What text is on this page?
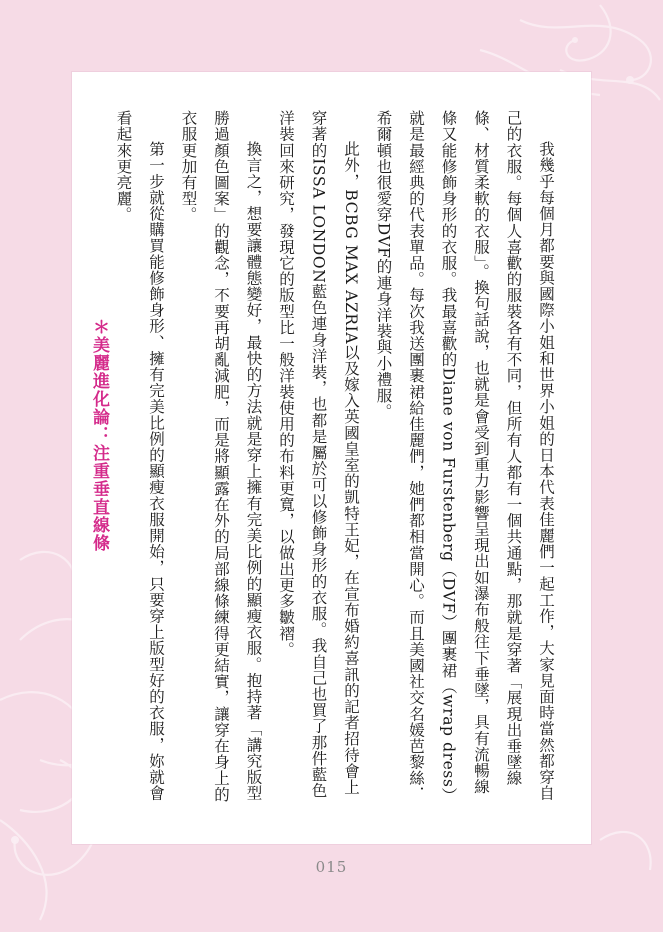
我幾乎每個月都要與國際小姐和世界小姐的日本代表佳麗們一起工作，大家見面時當然都穿自己的衣服。每個人喜歡的服裝各有不同，但所有人都有一個共通點，那就是穿著「展現出垂墜線條、材質柔軟的衣服」。換句話說，也就是會受到重力影響呈現出如瀑布般往下垂墜，具有流暢線條又能修飾身形的衣服。我最喜歡的Diane von Furstenberg（DVF）團裹裙（wrap dress）就是最經典的代表單品。每次我送團裹裙給佳麗們，她們都相當開心。而且美國社交名媛芭黎絲．希爾頓也很愛穿DVF的連身洋裝與小禮服。

此外，BCBG MAX AZRIA以及嫁入英國皇室的凱特王妃，在宣布婚約喜訊的記者招待會上穿著的ISSA LONDON藍色連身洋裝，也都是屬於可以修飾身形的衣服。我自己也買了那件藍色洋裝回來研究，發現它的版型比一般洋裝使用的布料更寬，以做出更多皺褶。

換言之，想要讓體態變好，最快的方法就是穿上擁有完美比例的顯瘦衣服。抱持著「講究版型勝過顏色圖案」的觀念，不要再胡亂減肥，而是將顯露在外的局部線條練得更結實，讓穿在身上的衣服更加有型。

第一步就從購買能修飾身形、擁有完美比例的顯瘦衣服開始，只要穿上版型好的衣服，妳就會看起來更亮麗。

＊美麗進化論：注重垂直線條
015
